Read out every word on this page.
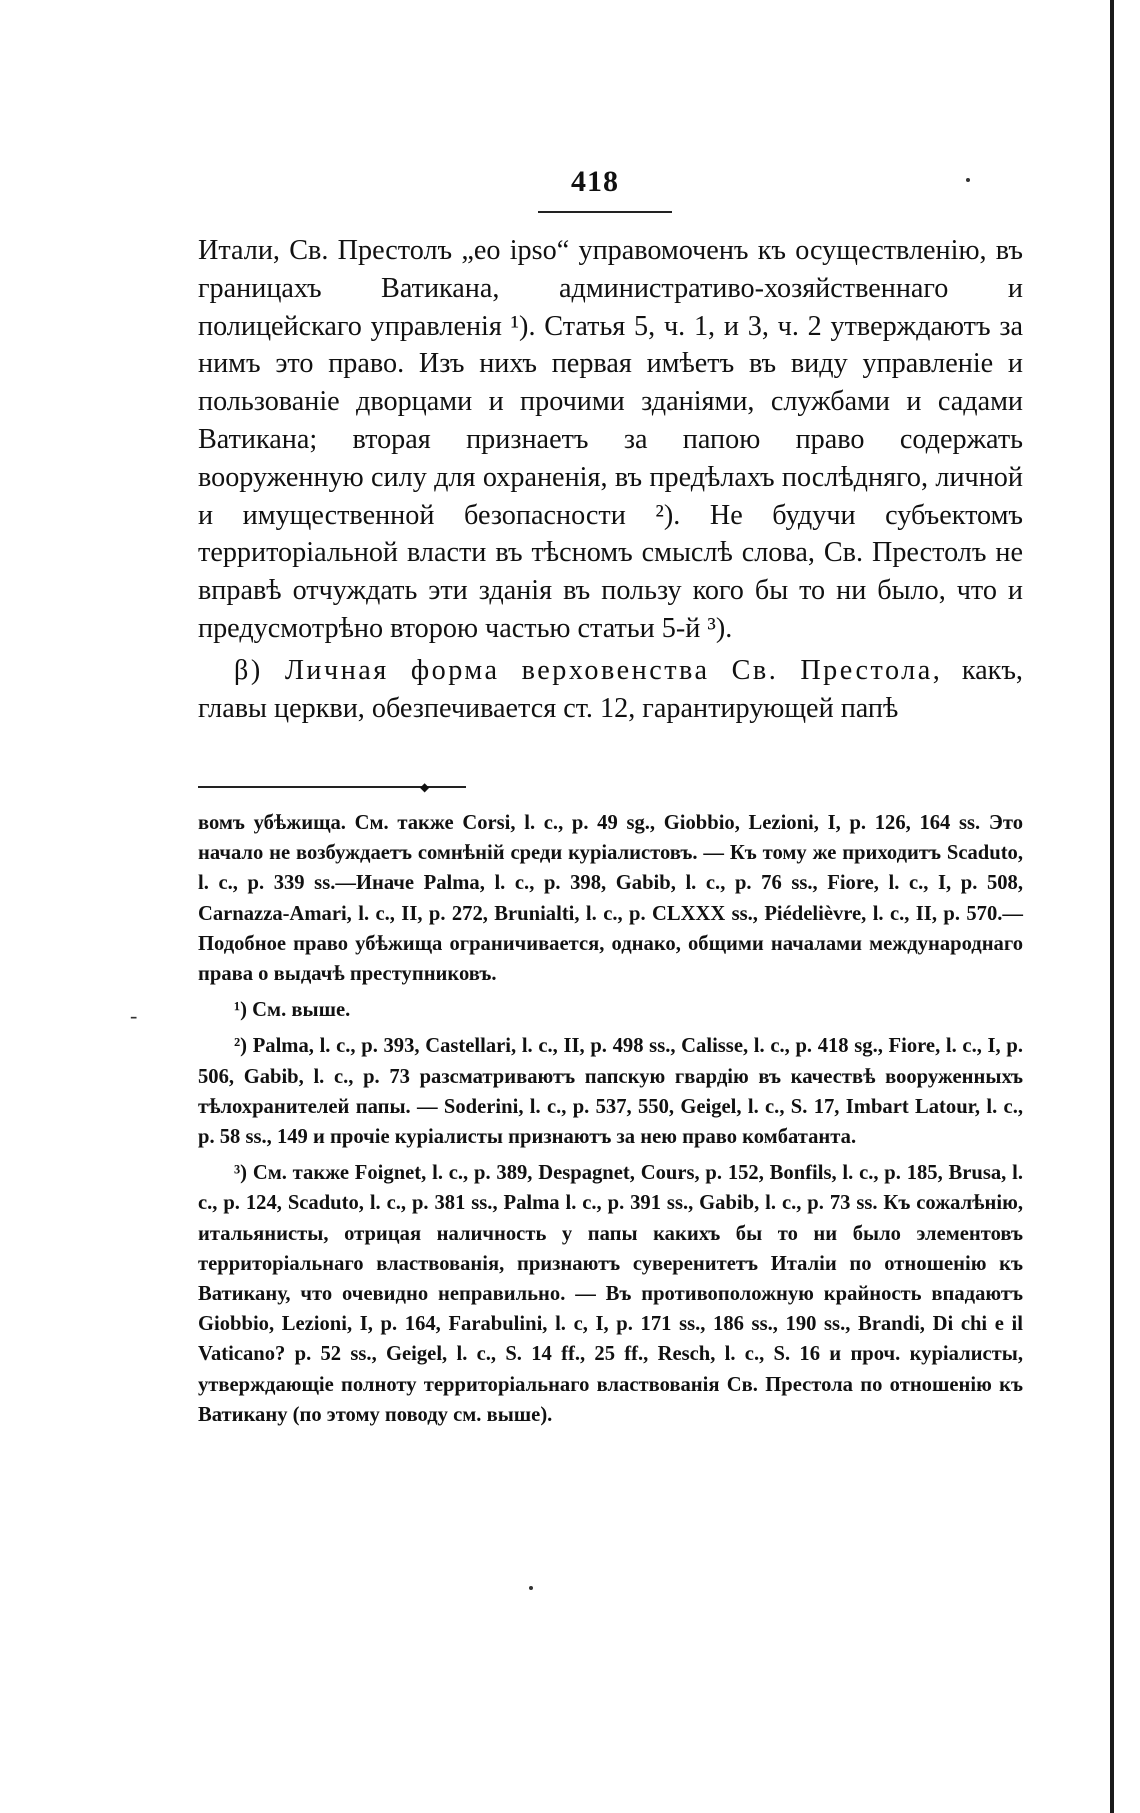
418

Итали, Св. Престолъ „eo ipso“ управомоченъ къ осуществленію, въ границахъ Ватикана, административо-хозяйственнаго и полицейскаго управленія ¹). Статья 5, ч. 1, и 3, ч. 2 утверждаютъ за нимъ это право. Изъ нихъ первая имѣетъ въ виду управленіе и пользованіе дворцами и прочими зданіями, службами и садами Ватикана; вторая признаетъ за папою право содержать вооруженную силу для охраненія, въ предѣлахъ послѣдняго, личной и имущественной безопасности ²). Не будучи субъектомъ территоріальной власти въ тѣсномъ смыслѣ слова, Св. Престолъ не вправѣ отчуждать эти зданія въ пользу кого бы то ни было, что и предусмотрѣно второю частью статьи 5-й ³).

β) Личная форма верховенства Св. Престола, какъ, главы церкви, обезпечивается ст. 12, гарантирующей папѣ

◆

вомъ убѣжища. См. также Corsi, l. c., p. 49 sg., Giobbio, Lezioni, I, p. 126, 164 ss. Это начало не возбуждаетъ сомнѣній среди куріалистовъ. — Къ тому же приходитъ Scaduto, l. c., p. 339 ss.—Иначе Palma, l. c., p. 398, Gabib, l. c., p. 76 ss., Fiore, l. c., I, p. 508, Carnazza-Amari, l. c., II, p. 272, Brunialti, l. c., p. CLXXX ss., Piédelièvre, l. c., II, p. 570.— Подобное право убѣжища ограничивается, однако, общими началами международнаго права о выдачѣ преступниковъ.

¹) См. выше.

²) Palma, l. c., p. 393, Castellari, l. c., II, p. 498 ss., Calisse, l. c., p. 418 sg., Fiore, l. c., I, p. 506, Gabib, l. c., p. 73 разсматриваютъ папскую гвардію въ качествѣ вооруженныхъ тѣлохранителей папы. — Soderini, l. c., p. 537, 550, Geigel, l. c., S. 17, Imbart Latour, l. c., p. 58 ss., 149 и прочіе куріалисты признаютъ за нею право комбатанта.

³) См. также Foignet, l. c., p. 389, Despagnet, Cours, p. 152, Bonfils, l. c., p. 185, Brusa, l. c., p. 124, Scaduto, l. c., p. 381 ss., Palma l. c., p. 391 ss., Gabib, l. c., p. 73 ss. Къ сожалѣнію, итальянисты, отрицая наличность у папы какихъ бы то ни было элементовъ территоріальнаго властвованія, признаютъ суверенитетъ Италіи по отношенію къ Ватикану, что очевидно неправильно. — Въ противоположную крайность впадаютъ Giobbio, Lezioni, I, p. 164, Farabulini, l. c, I, p. 171 ss., 186 ss., 190 ss., Brandi, Di chi e il Vaticano? p. 52 ss., Geigel, l. c., S. 14 ff., 25 ff., Resch, l. c., S. 16 и проч. куріалисты, утверждающіе полноту территоріальнаго властвованія Св. Престола по отношенію къ Ватикану (по этому поводу см. выше).

-
